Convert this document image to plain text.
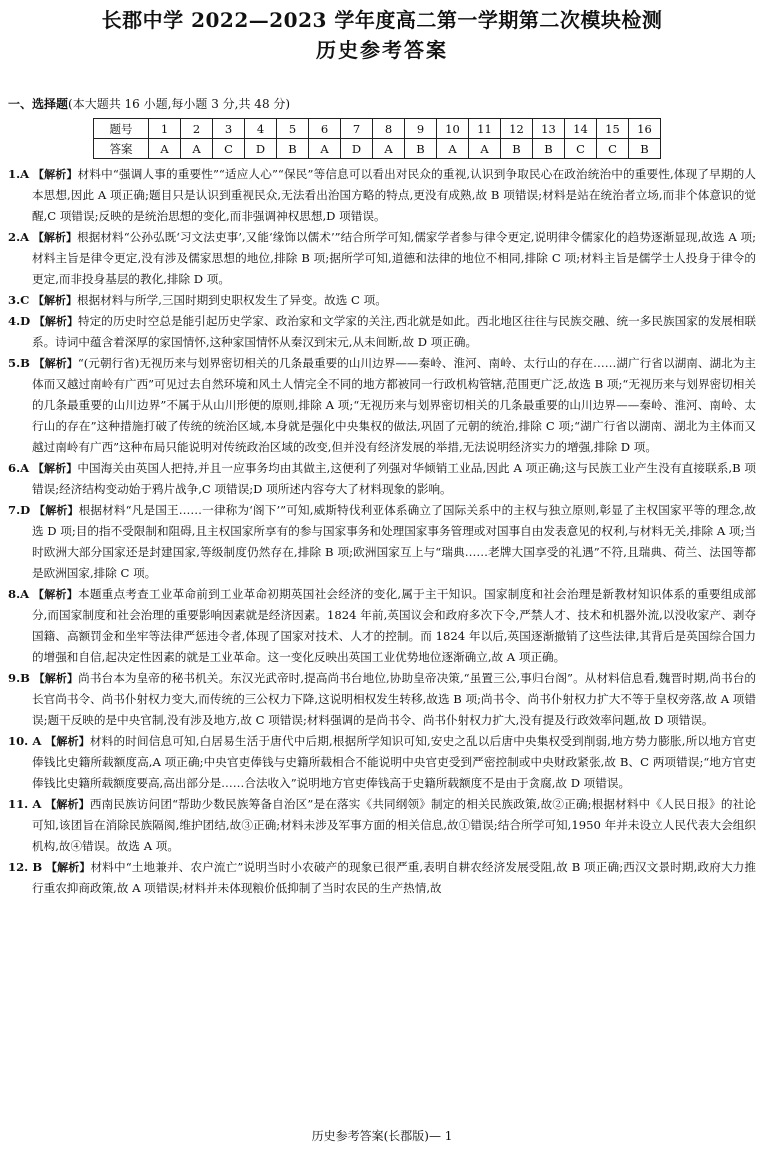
长郡中学 2022—2023 学年度高二第一学期第二次模块检测
历史参考答案
一、选择题(本大题共 16 小题,每小题 3 分,共 48 分)
题号	1	2	3	4	5	6	7	8	9	10	11	12	13	14	15	16
答案	A	A	C	D	B	A	D	A	B	A	A	B	B	C	C	B

1.A 【解析】材料中“强调人事的重要性”“适应人心”“保民”等信息可以看出对民众的重视,认识到争取民心在政治统治中的重要性,体现了早期的人本思想,因此 A 项正确;题目只是认识到重视民众,无法看出治国方略的特点,更没有成熟,故 B 项错误;材料是站在统治者立场,而非个体意识的觉醒,C 项错误;反映的是统治思想的变化,而非强调神权思想,D 项错误。

2.A 【解析】根据材料“公孙弘既‘习文法吏事’,又能‘缘饰以儒术’”结合所学可知,儒家学者参与律令更定,说明律令儒家化的趋势逐渐显现,故选 A 项;材料主旨是律令更定,没有涉及儒家思想的地位,排除 B 项;据所学可知,道德和法律的地位不相同,排除 C 项;材料主旨是儒学士人投身于律令的更定,而非投身基层的教化,排除 D 项。

3.C 【解析】根据材料与所学,三国时期到史职权发生了异变。故选 C 项。

4.D 【解析】特定的历史时空总是能引起历史学家、政治家和文学家的关注,西北就是如此。西北地区往往与民族交融、统一多民族国家的发展相联系。诗词中蕴含着深厚的家国情怀,这种家国情怀从秦汉到宋元,从未间断,故 D 项正确。

5.B 【解析】“(元朝行省)无视历来与划界密切相关的几条最重要的山川边界——秦岭、淮河、南岭、太行山的存在……湖广行省以湖南、湖北为主体而又越过南岭有广西”可见过去自然环境和风土人情完全不同的地方都被同一行政机构管辖,范围更广泛,故选 B 项;“无视历来与划界密切相关的几条最重要的山川边界”不属于从山川形便的原则,排除 A 项;“无视历来与划界密切相关的几条最重要的山川边界——秦岭、淮河、南岭、太行山的存在”这种措施打破了传统的统治区域,本身就是强化中央集权的做法,巩固了元朝的统治,排除 C 项;“湖广行省以湖南、湖北为主体而又越过南岭有广西”这种布局只能说明对传统政治区域的改变,但并没有经济发展的举措,无法说明经济实力的增强,排除 D 项。

6.A 【解析】中国海关由英国人把持,并且一应事务均由其做主,这便利了列强对华倾销工业品,因此 A 项正确;这与民族工业产生没有直接联系,B 项错误;经济结构变动始于鸦片战争,C 项错误;D 项所述内容夸大了材料现象的影响。

7.D 【解析】根据材料“凡是国王……一律称为‘阁下’”可知,威斯特伐利亚体系确立了国际关系中的主权与独立原则,彰显了主权国家平等的理念,故选 D 项;目的指不受限制和阻碍,且主权国家所享有的参与国家事务和处理国家事务管理或对国事自由发表意见的权利,与材料无关,排除 A 项;当时欧洲大部分国家还是封建国家,等级制度仍然存在,排除 B 项;欧洲国家互上与“瑞典……老牌大国享受的礼遇”不符,且瑞典、荷兰、法国等都是欧洲国家,排除 C 项。

8.A 【解析】本题重点考查工业革命前到工业革命初期英国社会经济的变化,属于主干知识。国家制度和社会治理是新教材知识体系的重要组成部分,而国家制度和社会治理的重要影响因素就是经济因素。1824 年前,英国议会和政府多次下令,严禁人才、技术和机器外流,以没收家产、剥夺国籍、高额罚金和坐牢等法律严惩违令者,体现了国家对技术、人才的控制。而 1824 年以后,英国逐渐撤销了这些法律,其背后是英国综合国力的增强和自信,起决定性因素的就是工业革命。这一变化反映出英国工业优势地位逐渐确立,故 A 项正确。

9.B 【解析】尚书台本为皇帝的秘书机关。东汉光武帝时,提高尚书台地位,协助皇帝决策,“虽置三公,事归台阁”。从材料信息看,魏晋时期,尚书台的长官尚书令、尚书仆射权力变大,而传统的三公权力下降,这说明相权发生转移,故选 B 项;尚书令、尚书仆射权力扩大不等于皇权旁落,故 A 项错误;题干反映的是中央官制,没有涉及地方,故 C 项错误;材料强调的是尚书令、尚书仆射权力扩大,没有提及行政效率问题,故 D 项错误。

10. A 【解析】材料的时间信息可知,白居易生活于唐代中后期,根据所学知识可知,安史之乱以后唐中央集权受到削弱,地方势力膨胀,所以地方官吏俸钱比史籍所载额度高,A 项正确;中央官吏俸钱与史籍所载相合不能说明中央官吏受到严密控制或中央财政紧张,故 B、C 两项错误;“地方官吏俸钱比史籍所载额度要高,高出部分是……合法收入”说明地方官吏俸钱高于史籍所载额度不是由于贪腐,故 D 项错误。

11. A 【解析】西南民族访问团“帮助少数民族筹备自治区”是在落实《共同纲领》制定的相关民族政策,故②正确;根据材料中《人民日报》的社论可知,该团旨在消除民族隔阂,维护团结,故③正确;材料未涉及军事方面的相关信息,故①错误;结合所学可知,1950 年并未设立人民代表大会组织机构,故④错误。故选 A 项。

12. B 【解析】材料中“土地兼并、农户流亡”说明当时小农破产的现象已很严重,表明自耕农经济发展受阻,故 B 项正确;西汉文景时期,政府大力推行重农抑商政策,故 A 项错误;材料并未体现粮价低抑制了当时农民的生产热情,故

历史参考答案(长郡版)— 1
